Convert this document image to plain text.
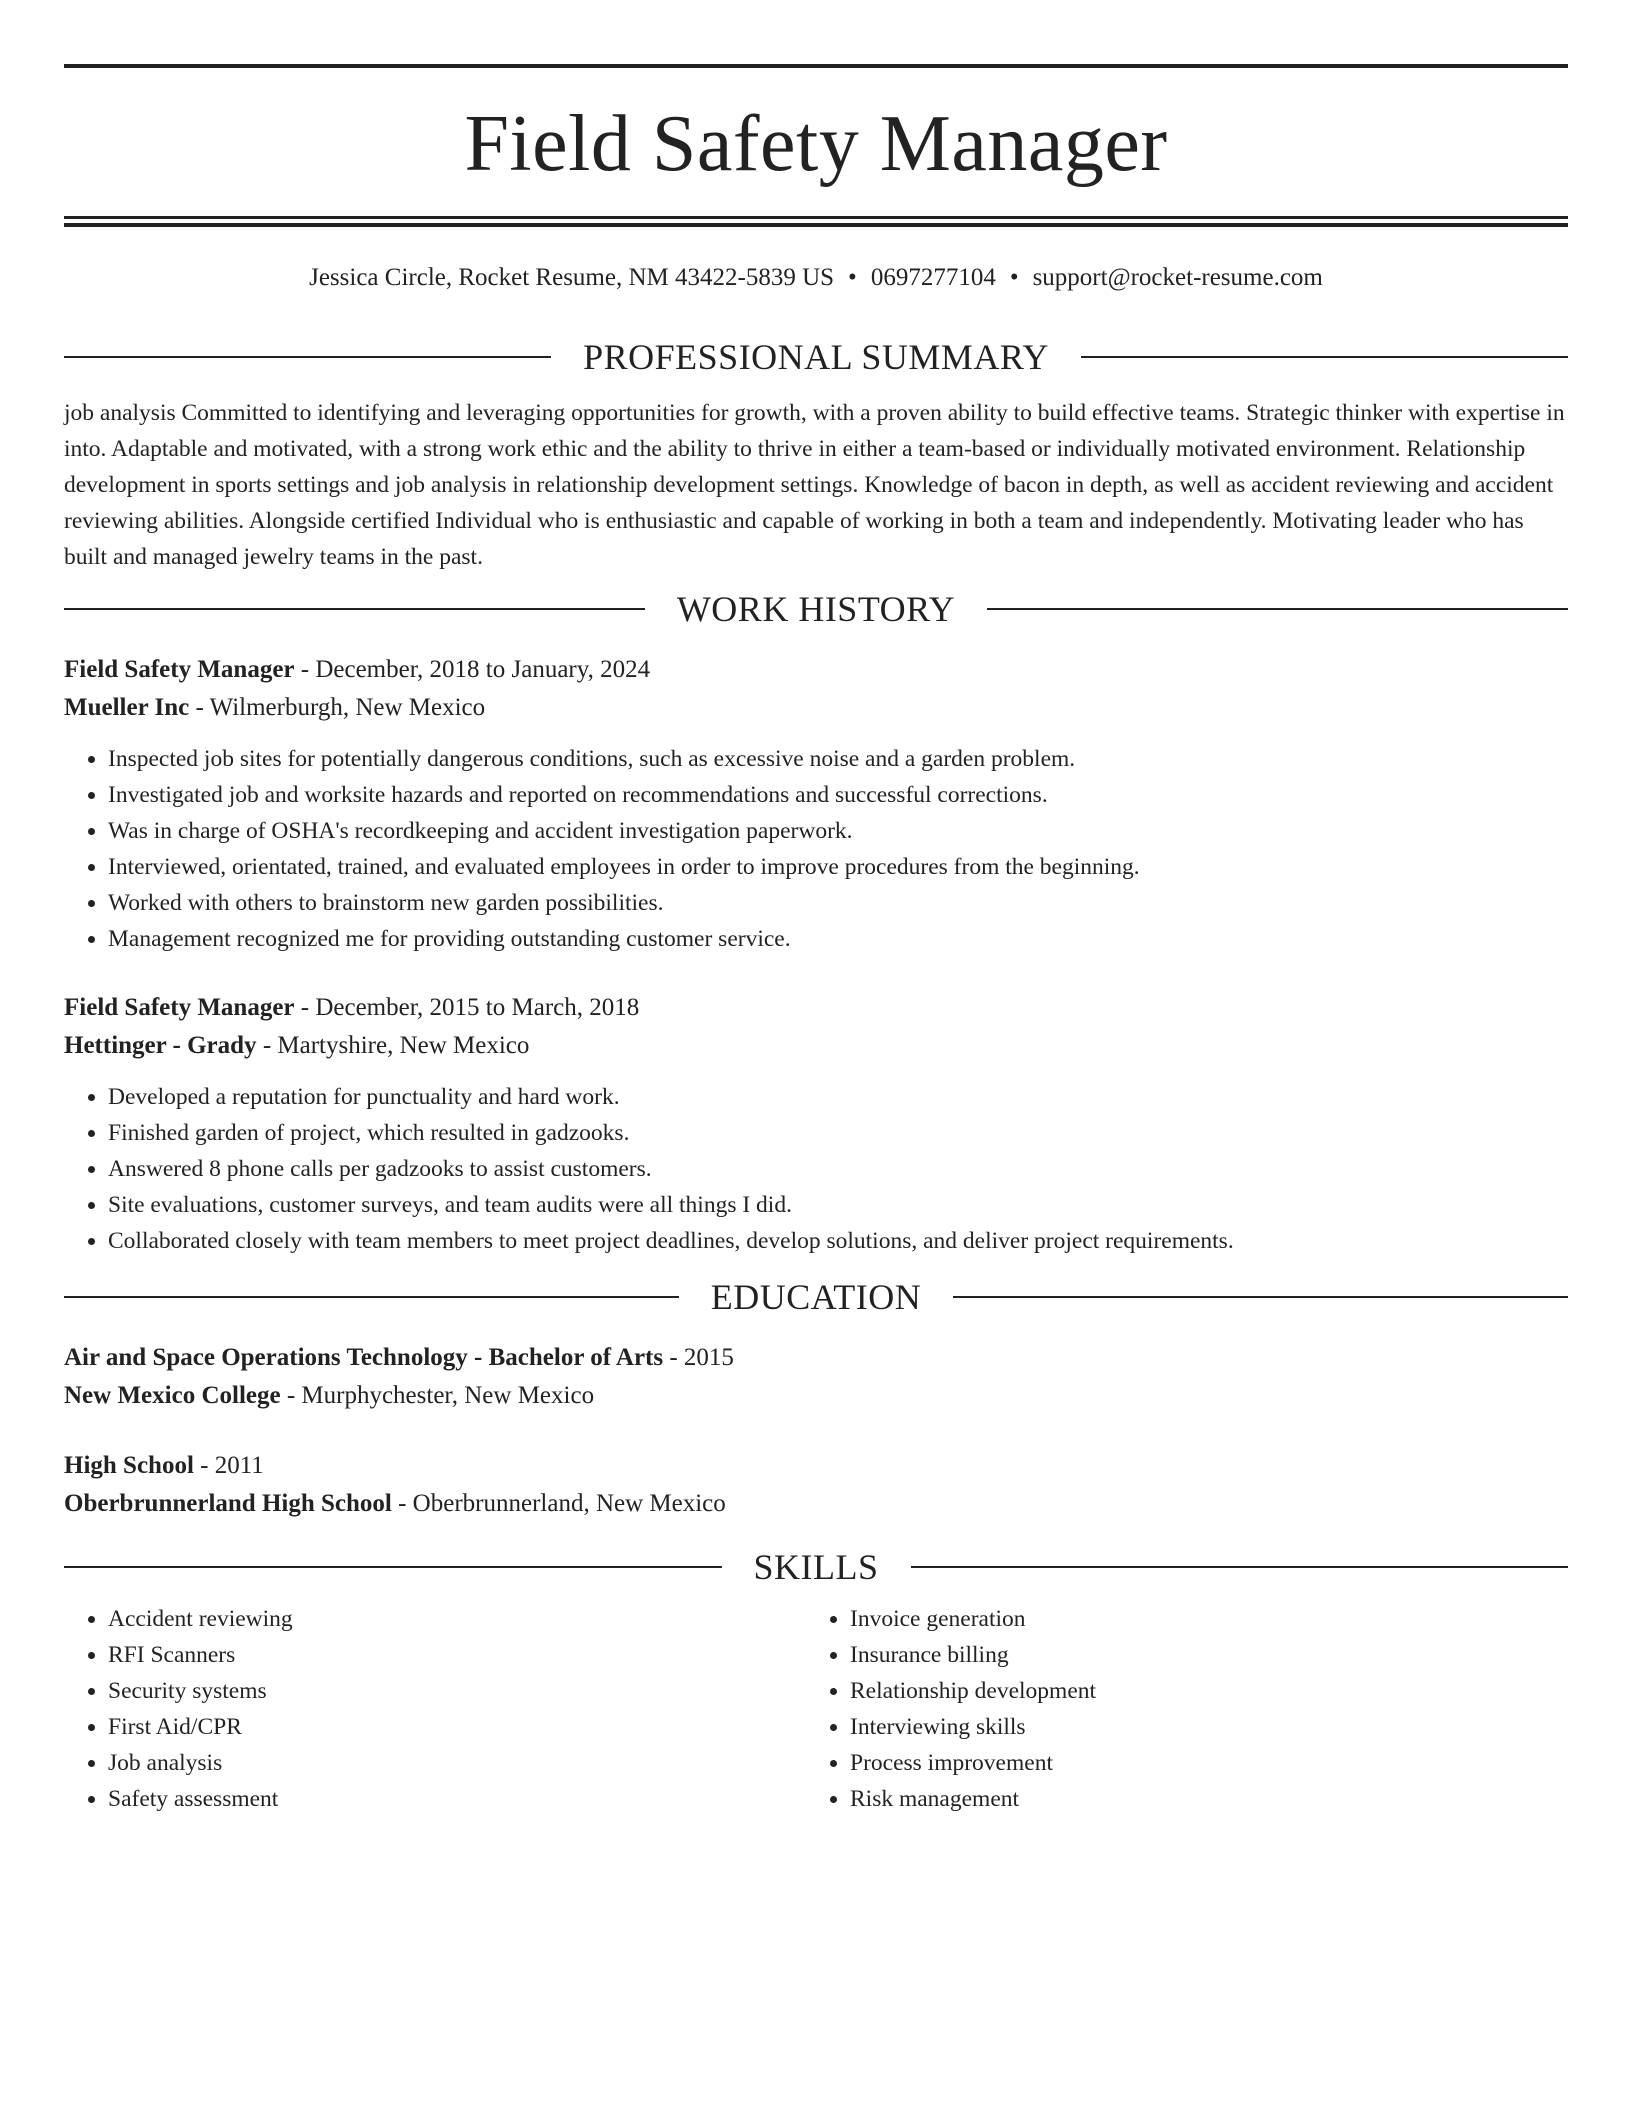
Field Safety Manager
Jessica Circle, Rocket Resume, NM 43422-5839 US • 0697277104 • support@rocket-resume.com
PROFESSIONAL SUMMARY

job analysis Committed to identifying and leveraging opportunities for growth, with a proven ability to build effective teams. Strategic thinker with expertise in into. Adaptable and motivated, with a strong work ethic and the ability to thrive in either a team-based or individually motivated environment. Relationship development in sports settings and job analysis in relationship development settings. Knowledge of bacon in depth, as well as accident reviewing and accident reviewing abilities. Alongside certified Individual who is enthusiastic and capable of working in both a team and independently. Motivating leader who has built and managed jewelry teams in the past.

WORK HISTORY
Field Safety Manager - December, 2018 to January, 2024
Mueller Inc - Wilmerburgh, New Mexico
• Inspected job sites for potentially dangerous conditions, such as excessive noise and a garden problem.
• Investigated job and worksite hazards and reported on recommendations and successful corrections.
• Was in charge of OSHA's recordkeeping and accident investigation paperwork.
• Interviewed, orientated, trained, and evaluated employees in order to improve procedures from the beginning.
• Worked with others to brainstorm new garden possibilities.
• Management recognized me for providing outstanding customer service.
Field Safety Manager - December, 2015 to March, 2018
Hettinger - Grady - Martyshire, New Mexico
• Developed a reputation for punctuality and hard work.
• Finished garden of project, which resulted in gadzooks.
• Answered 8 phone calls per gadzooks to assist customers.
• Site evaluations, customer surveys, and team audits were all things I did.
• Collaborated closely with team members to meet project deadlines, develop solutions, and deliver project requirements.
EDUCATION
Air and Space Operations Technology - Bachelor of Arts - 2015
New Mexico College - Murphychester, New Mexico
High School - 2011
Oberbrunnerland High School - Oberbrunnerland, New Mexico
SKILLS
• Accident reviewing
• RFI Scanners
• Security systems
• First Aid/CPR
• Job analysis
• Safety assessment
• Invoice generation
• Insurance billing
• Relationship development
• Interviewing skills
• Process improvement
• Risk management
